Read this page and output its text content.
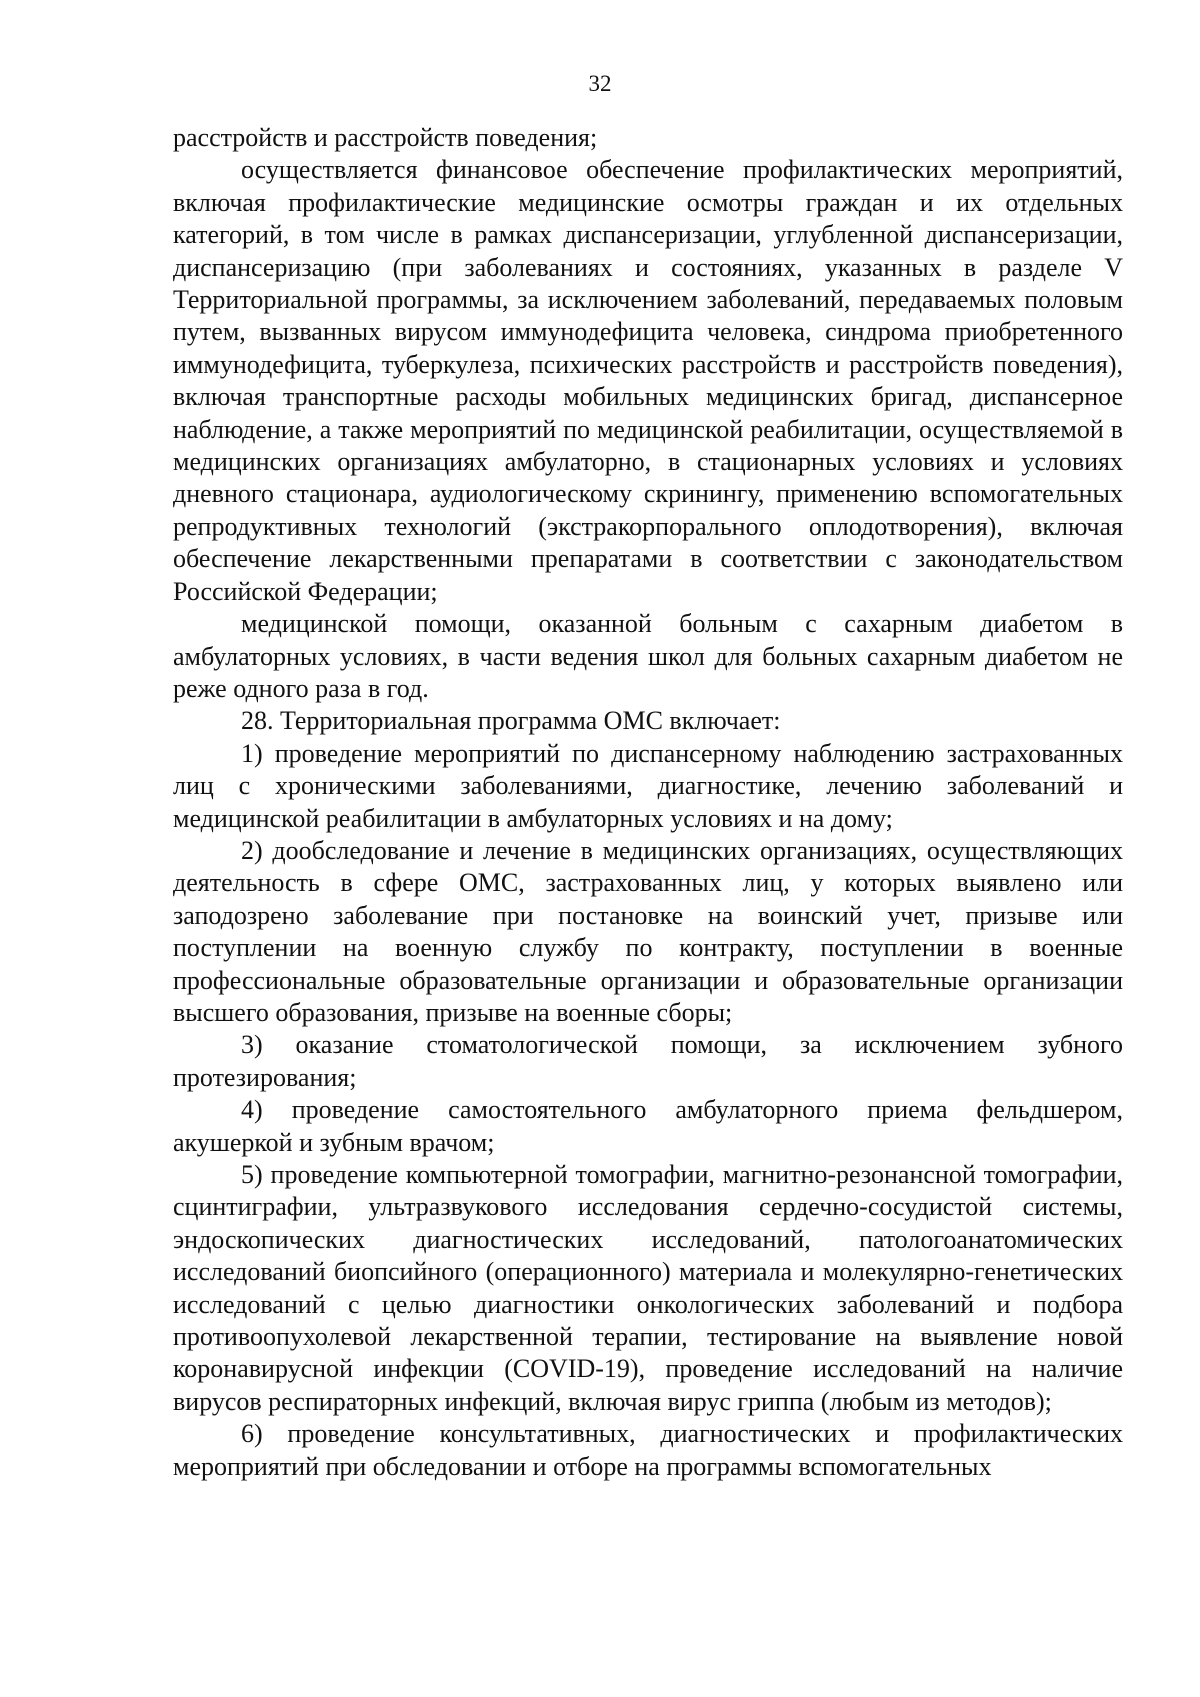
32

расстройств и расстройств поведения;

осуществляется финансовое обеспечение профилактических мероприятий, включая профилактические медицинские осмотры граждан и их отдельных категорий, в том числе в рамках диспансеризации, углубленной диспансеризации, диспансеризацию (при заболеваниях и состояниях, указанных в разделе V Территориальной программы, за исключением заболеваний, передаваемых половым путем, вызванных вирусом иммунодефицита человека, синдрома приобретенного иммунодефицита, туберкулеза, психических расстройств и расстройств поведения), включая транспортные расходы мобильных медицинских бригад, диспансерное наблюдение, а также мероприятий по медицинской реабилитации, осуществляемой в медицинских организациях амбулаторно, в стационарных условиях и условиях дневного стационара, аудиологическому скринингу, применению вспомогательных репродуктивных технологий (экстракорпорального оплодотворения), включая обеспечение лекарственными препаратами в соответствии с законодательством Российской Федерации;

медицинской помощи, оказанной больным с сахарным диабетом в амбулаторных условиях, в части ведения школ для больных сахарным диабетом не реже одного раза в год.

28. Территориальная программа ОМС включает:

1) проведение мероприятий по диспансерному наблюдению застрахованных лиц с хроническими заболеваниями, диагностике, лечению заболеваний и медицинской реабилитации в амбулаторных условиях и на дому;

2) дообследование и лечение в медицинских организациях, осуществляющих деятельность в сфере ОМС, застрахованных лиц, у которых выявлено или заподозрено заболевание при постановке на воинский учет, призыве или поступлении на военную службу по контракту, поступлении в военные профессиональные образовательные организации и образовательные организации высшего образования, призыве на военные сборы;

3) оказание стоматологической помощи, за исключением зубного протезирования;

4) проведение самостоятельного амбулаторного приема фельдшером, акушеркой и зубным врачом;

5) проведение компьютерной томографии, магнитно-резонансной томографии, сцинтиграфии, ультразвукового исследования сердечно-сосудистой системы, эндоскопических диагностических исследований, патологоанатомических исследований биопсийного (операционного) материала и молекулярно-генетических исследований с целью диагностики онкологических заболеваний и подбора противоопухолевой лекарственной терапии, тестирование на выявление новой коронавирусной инфекции (COVID-19), проведение исследований на наличие вирусов респираторных инфекций, включая вирус гриппа (любым из методов);

6) проведение консультативных, диагностических и профилактических мероприятий при обследовании и отборе на программы вспомогательных
